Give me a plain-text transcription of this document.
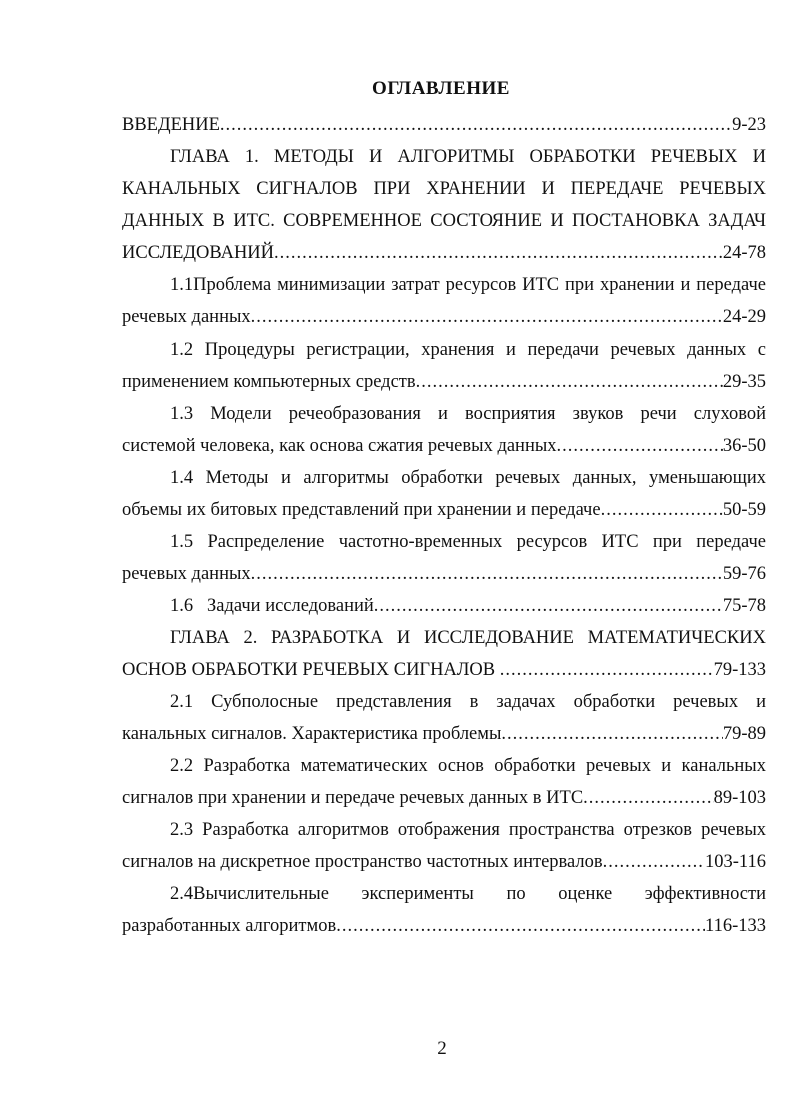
ОГЛАВЛЕНИЕ
ВВЕДЕНИЕ .....	9-23
ГЛАВА 1. МЕТОДЫ И АЛГОРИТМЫ ОБРАБОТКИ РЕЧЕВЫХ И
КАНАЛЬНЫХ СИГНАЛОВ ПРИ ХРАНЕНИИ И ПЕРЕДАЧЕ РЕЧЕВЫХ
ДАННЫХ В ИТС. СОВРЕМЕННОЕ СОСТОЯНИЕ И ПОСТАНОВКА ЗАДАЧ
ИССЛЕДОВАНИЙ .....	24-78
1.1Проблема минимизации затрат ресурсов ИТС при хранении и передаче
речевых данных .....	24-29
1.2 Процедуры регистрации, хранения и передачи речевых данных с
применением компьютерных средств .....	29-35
1.3 Модели речеобразования и восприятия звуков речи слуховой
системой человека, как основа сжатия речевых данных .....	36-50
1.4 Методы и алгоритмы обработки речевых данных, уменьшающих
объемы их битовых представлений при хранении и передаче .....	50-59
1.5 Распределение частотно-временных ресурсов ИТС при передаче
речевых данных .....	59-76
1.6   Задачи исследований .....	75-78
ГЛАВА 2. РАЗРАБОТКА И ИССЛЕДОВАНИЕ МАТЕМАТИЧЕСКИХ
ОСНОВ ОБРАБОТКИ РЕЧЕВЫХ СИГНАЛОВ .....	79-133
2.1 Субполосные представления в задачах обработки речевых и
канальных сигналов. Характеристика проблемы .....	79-89
2.2 Разработка математических основ обработки речевых и канальных
сигналов при хранении и передаче речевых данных в ИТС .....	89-103
2.3 Разработка алгоритмов отображения пространства отрезков речевых
сигналов на дискретное пространство частотных интервалов .....	103-116
2.4Вычислительные эксперименты по оценке эффективности
разработанных алгоритмов .....	116-133
2
